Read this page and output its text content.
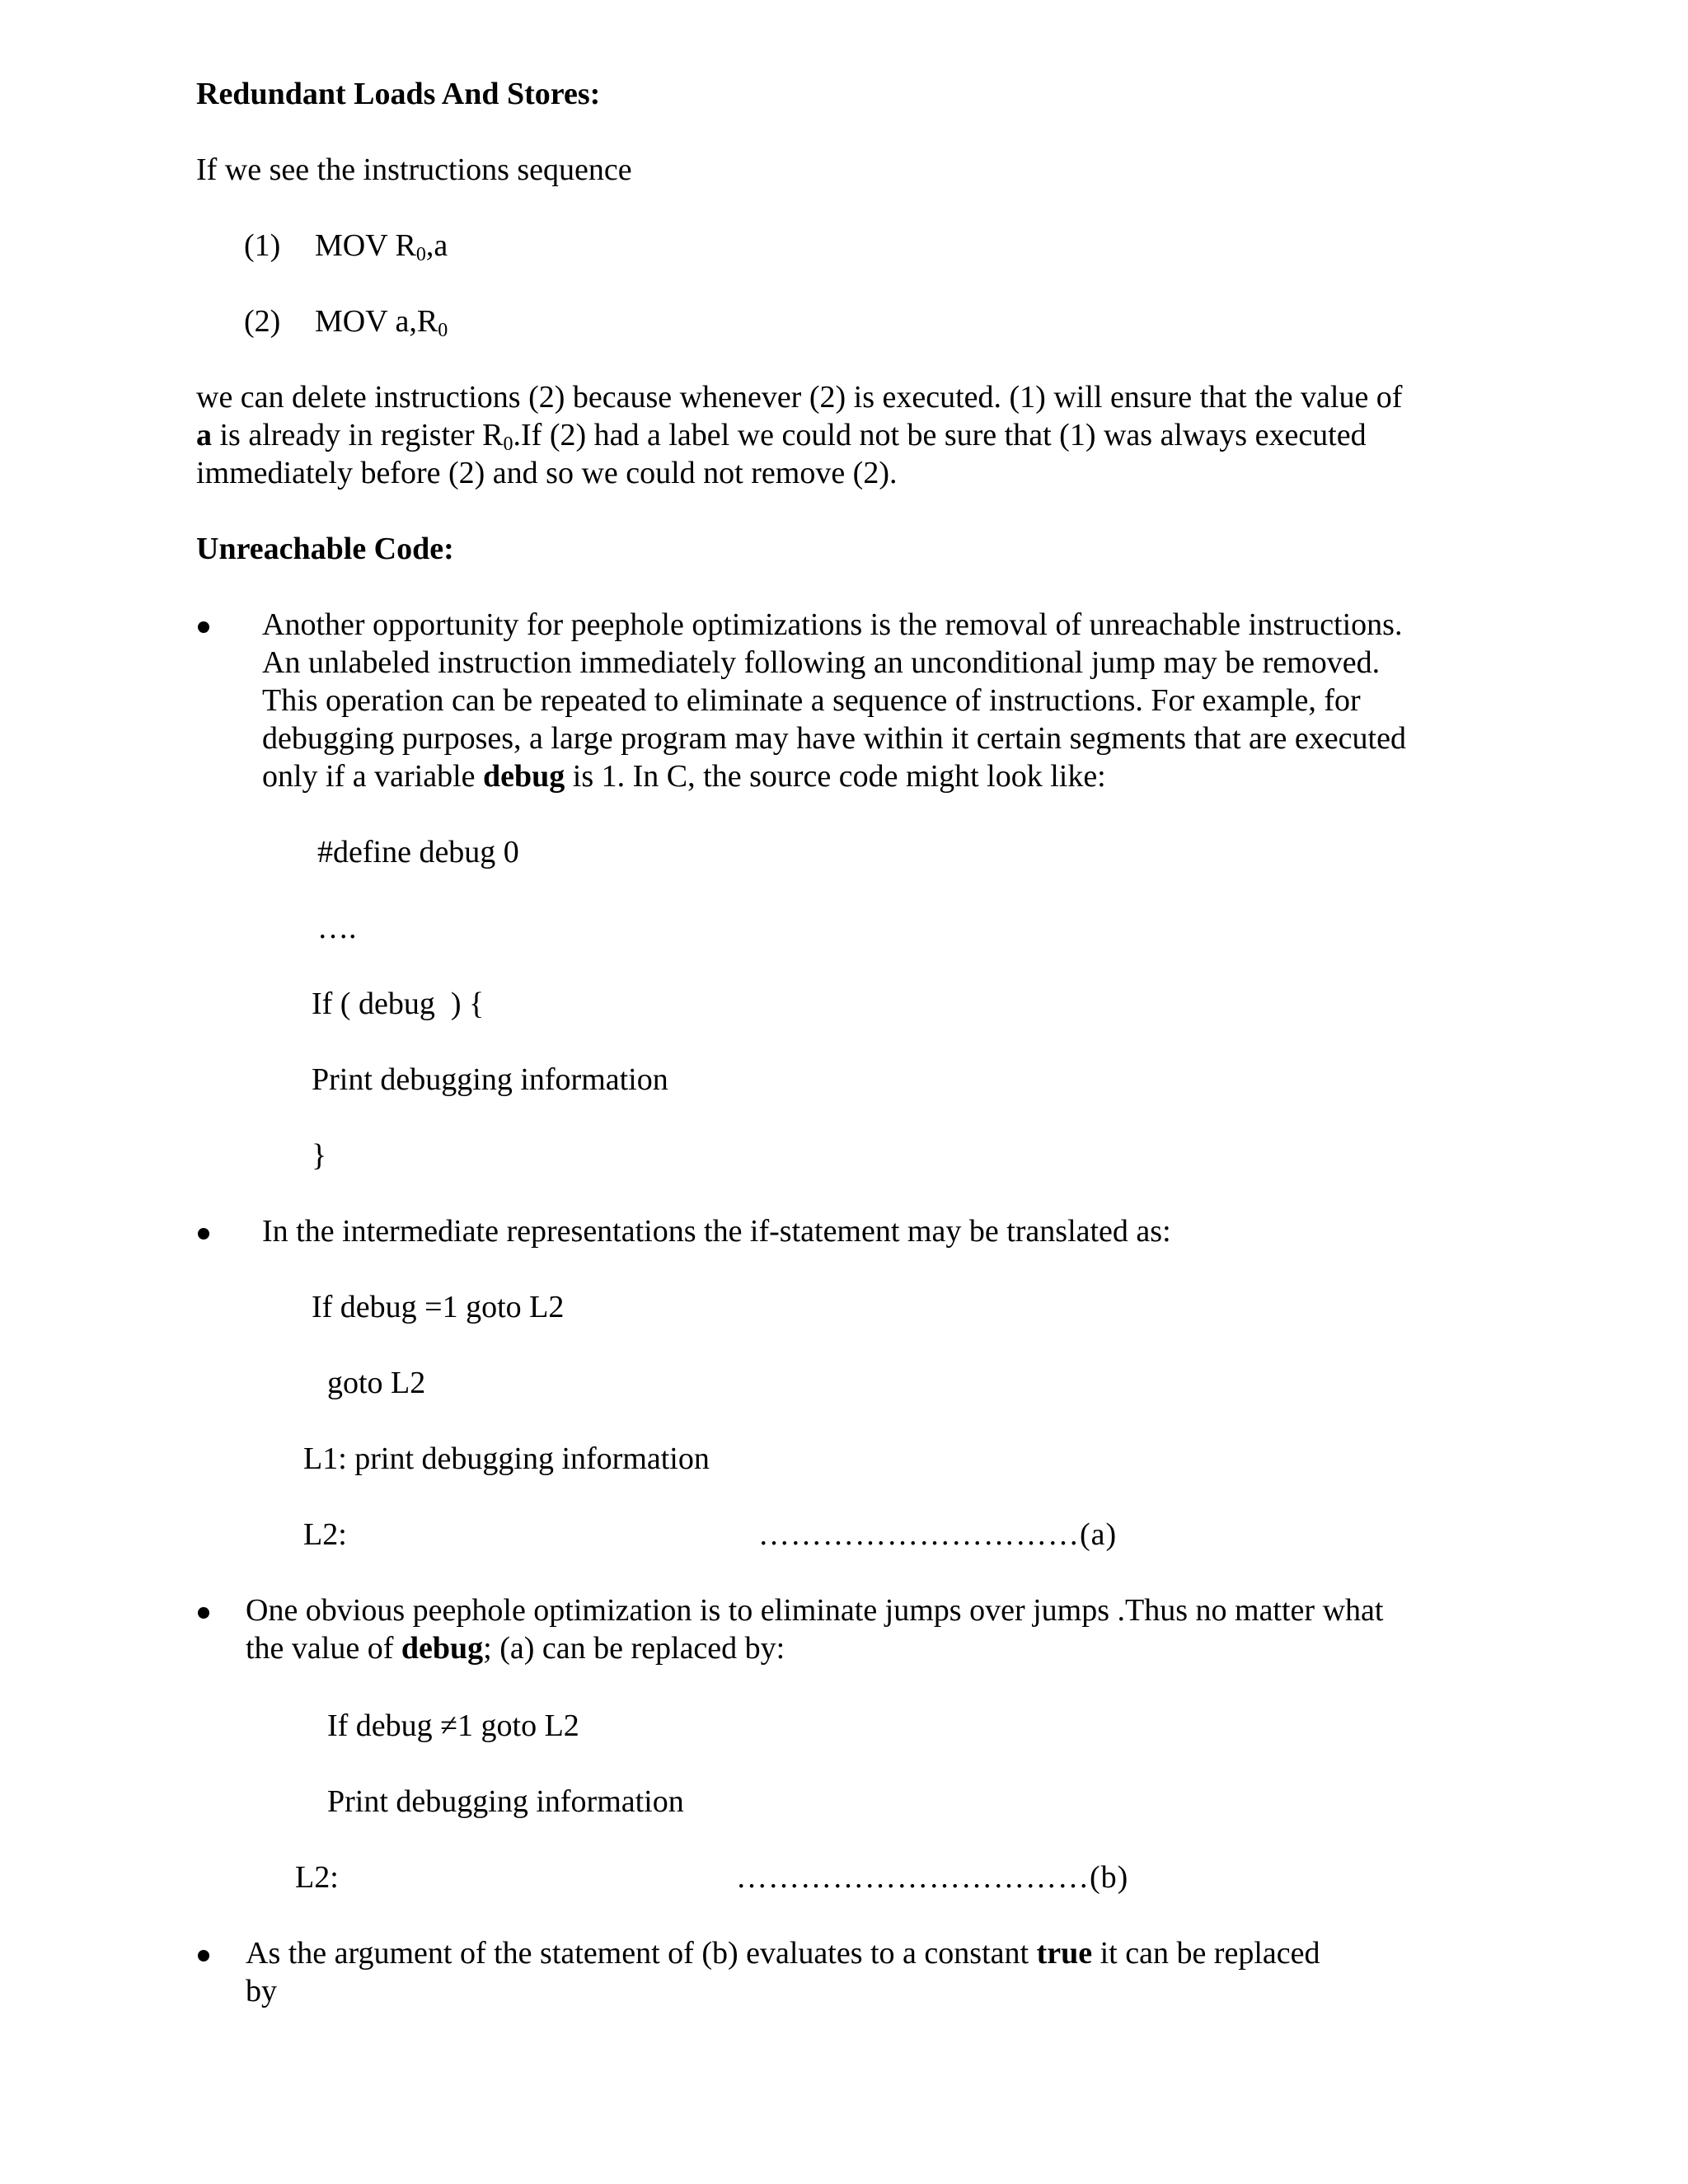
Redundant Loads And Stores:
If we see the instructions sequence
(1) MOV $R_0,a$
(2) MOV $a,R_0$
we can delete instructions (2) because whenever (2) is executed. (1) will ensure that the value of
a is already in register $R_0.If$ (2) had a label we could not be sure that (1) was always executed
immediately before (2) and so we could not remove (2).
Unreachable Code:
Another opportunity for peephole optimizations is the removal of unreachable instructions.
An unlabeled instruction immediately following an unconditional jump may be removed.
This operation can be repeated to eliminate a sequence of instructions. For example, for
debugging purposes, a large program may have within it certain segments that are executed
only if a variable debug is 1. In C, the source code might look like:
#define debug 0
….
If ( debug  ) {
Print debugging information
}
In the intermediate representations the if-statement may be translated as:
If debug =1 goto L2
goto L2
L1: print debugging information
L2:	…………………………(a)
One obvious peephole optimization is to eliminate jumps over jumps .Thus no matter what
the value of debug; (a) can be replaced by:
If debug ≠1 goto L2
Print debugging information
L2:	……………………………(b)
As the argument of the statement of (b) evaluates to a constant true it can be replaced
by
